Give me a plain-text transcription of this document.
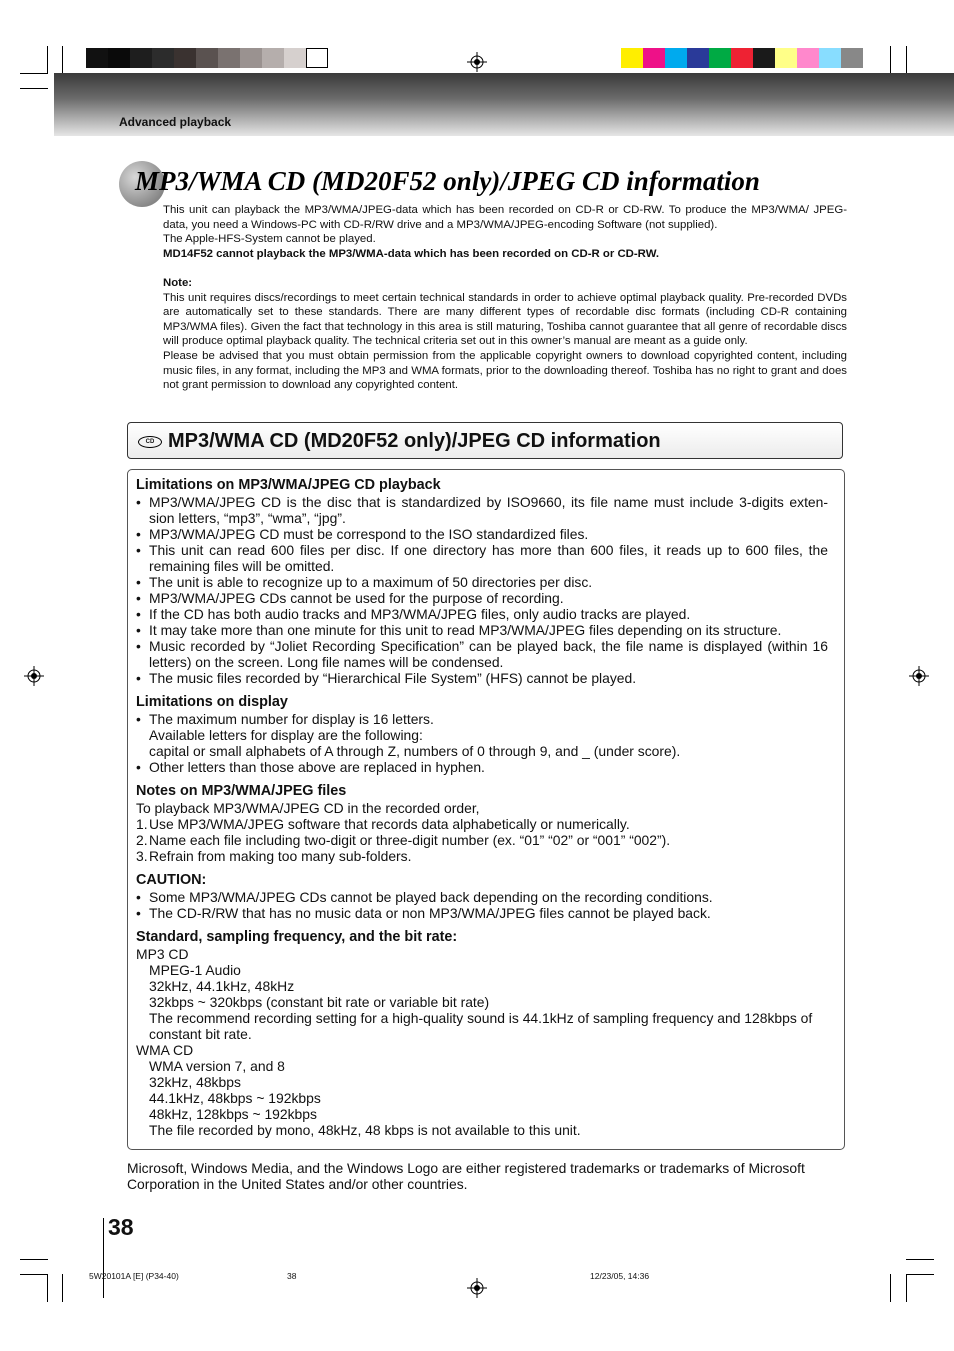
Advanced playback
MP3/WMA CD (MD20F52 only)/JPEG CD information

This unit can playback the MP3/WMA/JPEG-data which has been recorded on CD-R or CD-RW. To produce the MP3/WMA/ JPEG-data, you need a Windows-PC with CD-R/RW drive and a MP3/WMA/JPEG-encoding Software (not supplied).

The Apple-HFS-System cannot be played.

MD14F52 cannot playback the MP3/WMA-data which has been recorded on CD-R or CD-RW.

Note:

This unit requires discs/recordings to meet certain technical standards in order to achieve optimal playback quality. Pre-recorded DVDs are automatically set to these standards. There are many different types of recordable disc formats (including CD-R containing MP3/WMA files). Given the fact that technology in this area is still maturing, Toshiba cannot guarantee that all genre of recordable discs will produce optimal playback quality. The technical criteria set out in this owner’s manual are meant as a guide only.

Please be advised that you must obtain permission from the applicable copyright owners to download copyrighted content, including music files, in any format, including the MP3 and WMA formats, prior to the downloading thereof. Toshiba has no right to grant and does not grant permission to download any copyrighted content.

CD MP3/WMA CD (MD20F52 only)/JPEG CD information
Limitations on MP3/WMA/JPEG CD playback
• MP3/WMA/JPEG CD is the disc that is standardized by ISO9660, its file name must include 3-digits exten- sion letters, “mp3”, “wma”, “jpg”.
• MP3/WMA/JPEG CD must be correspond to the ISO standardized files.
• This unit can read 600 files per disc. If one directory has more than 600 files, it reads up to 600 files, the remaining files will be omitted.
• The unit is able to recognize up to a maximum of 50 directories per disc.
• MP3/WMA/JPEG CDs cannot be used for the purpose of recording.
• If the CD has both audio tracks and MP3/WMA/JPEG files, only audio tracks are played.
• It may take more than one minute for this unit to read MP3/WMA/JPEG files depending on its structure.
• Music recorded by “Joliet Recording Specification” can be played back, the file name is displayed (within 16 letters) on the screen. Long file names will be condensed.
• The music files recorded by “Hierarchical File System” (HFS) cannot be played.
Limitations on display
• The maximum number for display is 16 letters.
Available letters for display are the following:
capital or small alphabets of A through Z, numbers of 0 through 9, and _ (under score).
• Other letters than those above are replaced in hyphen.
Notes on MP3/WMA/JPEG files
To playback MP3/WMA/JPEG CD in the recorded order,
1. Use MP3/WMA/JPEG software that records data alphabetically or numerically.
2. Name each file including two-digit or three-digit number (ex. “01” “02” or “001” “002”).
3. Refrain from making too many sub-folders.
CAUTION:
• Some MP3/WMA/JPEG CDs cannot be played back depending on the recording conditions.
• The CD-R/RW that has no music data or non MP3/WMA/JPEG files cannot be played back.
Standard, sampling frequency, and the bit rate:
MP3 CD
MPEG-1 Audio
32kHz, 44.1kHz, 48kHz
32kbps ~ 320kbps (constant bit rate or variable bit rate)
The recommend recording setting for a high-quality sound is 44.1kHz of sampling frequency and 128kbps of constant bit rate.
WMA CD
WMA version 7, and 8
32kHz, 48kbps
44.1kHz, 48kbps ~ 192kbps
48kHz, 128kbps ~ 192kbps
The file recorded by mono, 48kHz, 48 kbps is not available to this unit.
Microsoft, Windows Media, and the Windows Logo are either registered trademarks or trademarks of Microsoft Corporation in the United States and/or other countries.
38
5W20101A [E] (P34-40)	38	12/23/05, 14:36
